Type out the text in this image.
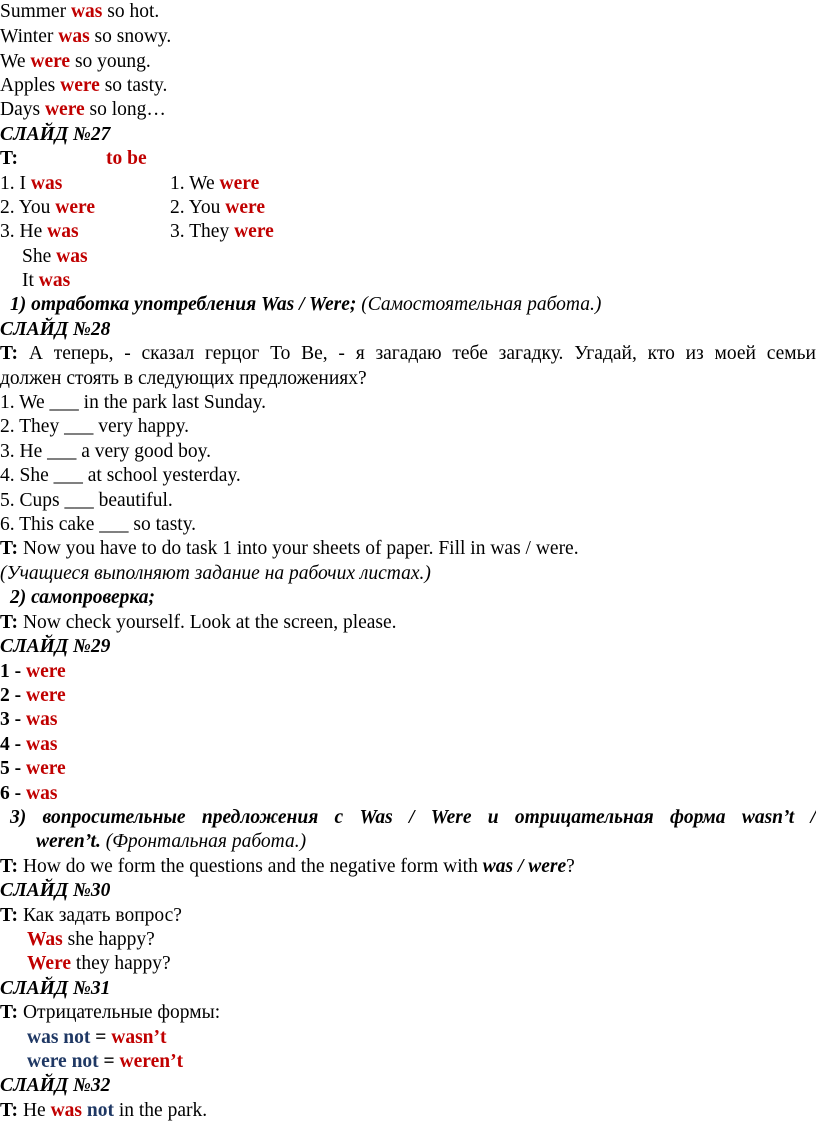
Summer was so hot.
Winter was so snowy.
We were so young.
Apples were so tasty.
Days were so long…
СЛАЙД №27
T:	to be
1. I was	1. We were
2. You were	2. You were
3. He was	3. They were
She was
It was
1) отработка употребления Was / Were; (Самостоятельная работа.)
СЛАЙД №28
T: А теперь, - сказал герцог То Ве, - я загадаю тебе загадку. Угадай, кто из моей семьи
должен стоять в следующих предложениях?
1. We ___ in the park last Sunday.
2. They ___ very happy.
3. He ___ a very good boy.
4. She ___ at school yesterday.
5. Cups ___ beautiful.
6. This cake ___ so tasty.
T: Now you have to do task 1 into your sheets of paper. Fill in was / were.
(Учащиеся выполняют задание на рабочих листах.)
2) самопроверка;
T: Now check yourself. Look at the screen, please.
СЛАЙД №29
1 - were
2 - were
3 - was
4 - was
5 - were
6 - was
3) вопросительные предложения с Was / Were и отрицательная форма wasn’t /
weren’t. (Фронтальная работа.)
T: How do we form the questions and the negative form with was / were?
СЛАЙД №30
T: Как задать вопрос?
Was she happy?
Were they happy?
СЛАЙД №31
T: Отрицательные формы:
was not = wasn’t
were not = weren’t
СЛАЙД №32
T: He was not in the park.
